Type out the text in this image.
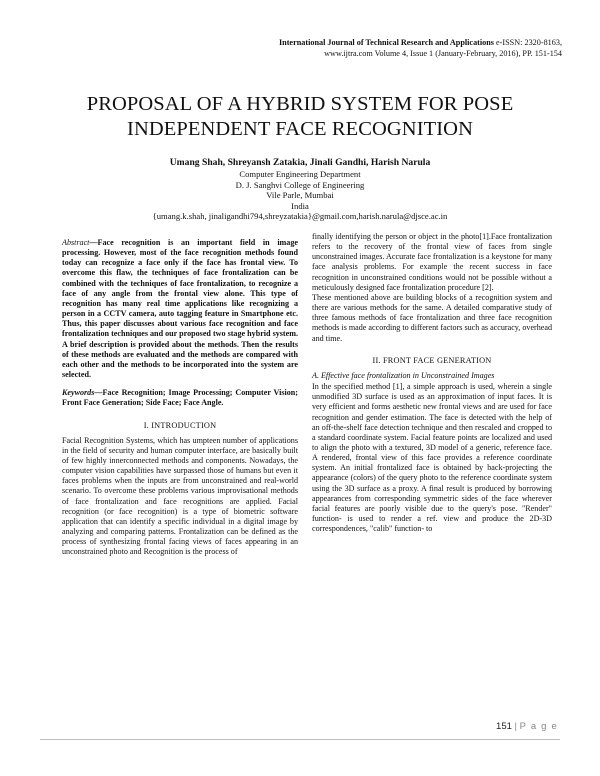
International Journal of Technical Research and Applications e-ISSN: 2320-8163,
www.ijtra.com Volume 4, Issue 1 (January-February, 2016), PP. 151-154
PROPOSAL OF A HYBRID SYSTEM FOR POSE
INDEPENDENT FACE RECOGNITION
Umang Shah, Shreyansh Zatakia, Jinali Gandhi, Harish Narula
Computer Engineering Department
D. J. Sanghvi College of Engineering
Vile Parle, Mumbai
India
{umang.k.shah, jinaligandhi794,shreyzatakia}@gmail.com,harish.narula@djsce.ac.in

Abstract—Face recognition is an important field in image processing. However, most of the face recognition methods found today can recognize a face only if the face has frontal view. To overcome this flaw, the techniques of face frontalization can be combined with the techniques of face frontalization, to recognize a face of any angle from the frontal view alone. This type of recognition has many real time applications like recognizing a person in a CCTV camera, auto tagging feature in Smartphone etc. Thus, this paper discusses about various face recognition and face frontalization techniques and our proposed two stage hybrid system. A brief description is provided about the methods. Then the results of these methods are evaluated and the methods are compared with each other and the methods to be incorporated into the system are selected.

Keywords—Face Recognition; Image Processing; Computer Vision; Front Face Generation; Side Face; Face Angle.

I. INTRODUCTION

Facial Recognition Systems, which has umpteen number of applications in the field of security and human computer interface, are basically built of few highly innerconnected methods and components. Nowadays, the computer vision capabilities have surpassed those of humans but even it faces problems when the inputs are from unconstrained and real-world scenario. To overcome these problems various improvisational methods of face frontalization and face recognitions are applied. Facial recognition (or face recognition) is a type of biometric software application that can identify a specific individual in a digital image by analyzing and comparing patterns. Frontalization can be defined as the process of synthesizing frontal facing views of faces appearing in an unconstrained photo and Recognition is the process of

finally identifying the person or object in the photo[1].Face frontalization refers to the recovery of the frontal view of faces from single unconstrained images. Accurate face frontalization is a keystone for many face analysis problems. For example the recent success in face recognition in unconstrained conditions would not be possible without a meticulously designed face frontalization procedure [2].

These mentioned above are building blocks of a recognition system and there are various methods for the same. A detailed comparative study of three famous methods of face frontalization and three face recognition methods is made according to different factors such as accuracy, overhead and time.

II. FRONT FACE GENERATION
A. Effective face frontalization in Unconstrained Images

In the specified method [1], a simple approach is used, wherein a single unmodified 3D surface is used as an approximation of input faces. It is very efficient and forms aesthetic new frontal views and are used for face recognition and gender estimation. The face is detected with the help of an off-the-shelf face detection technique and then rescaled and cropped to a standard coordinate system. Facial feature points are localized and used to align the photo with a textured, 3D model of a generic, reference face. A rendered, frontal view of this face provides a reference coordinate system. An initial frontalized face is obtained by back-projecting the appearance (colors) of the query photo to the reference coordinate system using the 3D surface as a proxy. A final result is produced by borrowing appearances from corresponding symmetric sides of the face wherever facial features are poorly visible due to the query's pose. "Render" function- is used to render a ref. view and produce the 2D-3D correspondences, "calib" function- to

151 | P a g e
